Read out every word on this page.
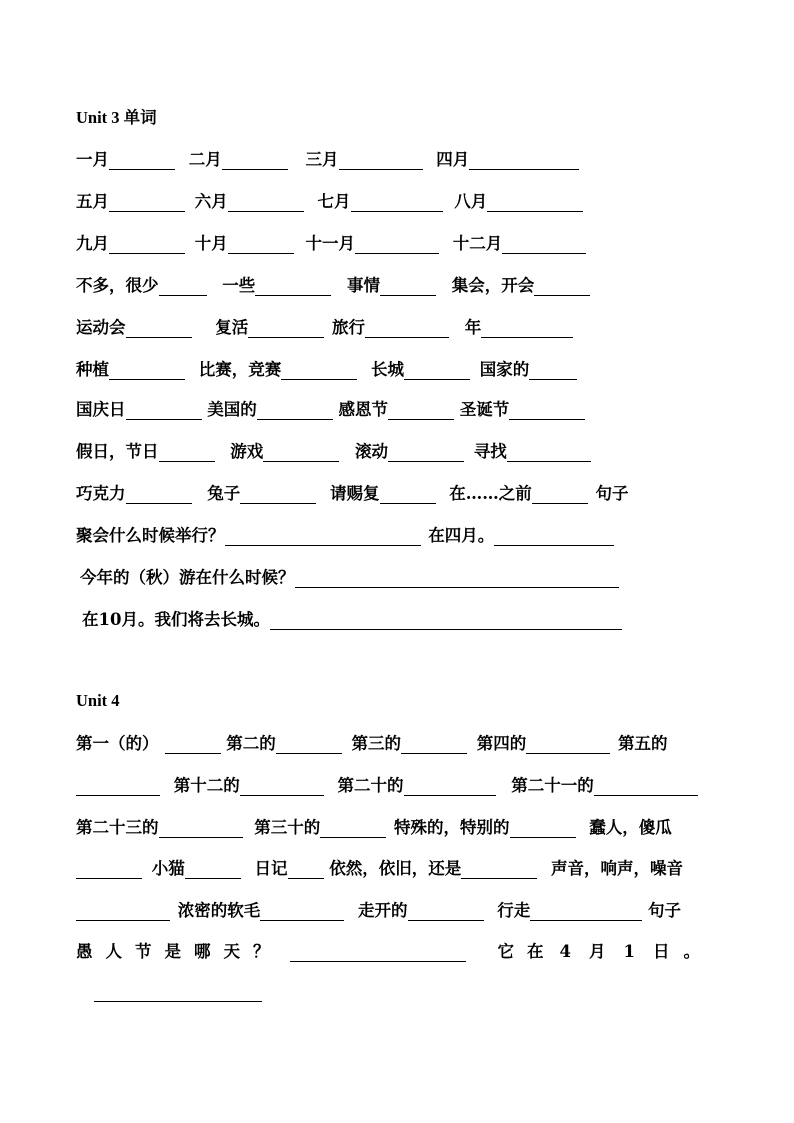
Unit 3 单词
一月	二月	三月	四月
五月	六月	七月	八月
九月	十月	十一月	十二月
不多，很少	一些	事情	集会，开会
运动会	复活	旅行	年
种植	比赛，竞赛	长城	国家的
国庆日	美国的	感恩节	圣诞节
假日，节日	游戏	滚动	寻找
巧克力	兔子	请赐复	在……之前	句子
聚会什么时候举行？	在四月。
今年的（秋）游在什么时候？
在10月。我们将去长城。
Unit 4
第一（的）	第二的	第三的	第四的	第五的
第十二的	第二十的	第二十一的
第二十三的	第三十的	特殊的，特别的	蠢人，傻瓜
小猫	日记	依然，依旧，还是	声音，响声，噪音
浓密的软毛	走开的	行走	句子
愚 人 节 是 哪 天 ？	它 在 4 月 1 日 。
